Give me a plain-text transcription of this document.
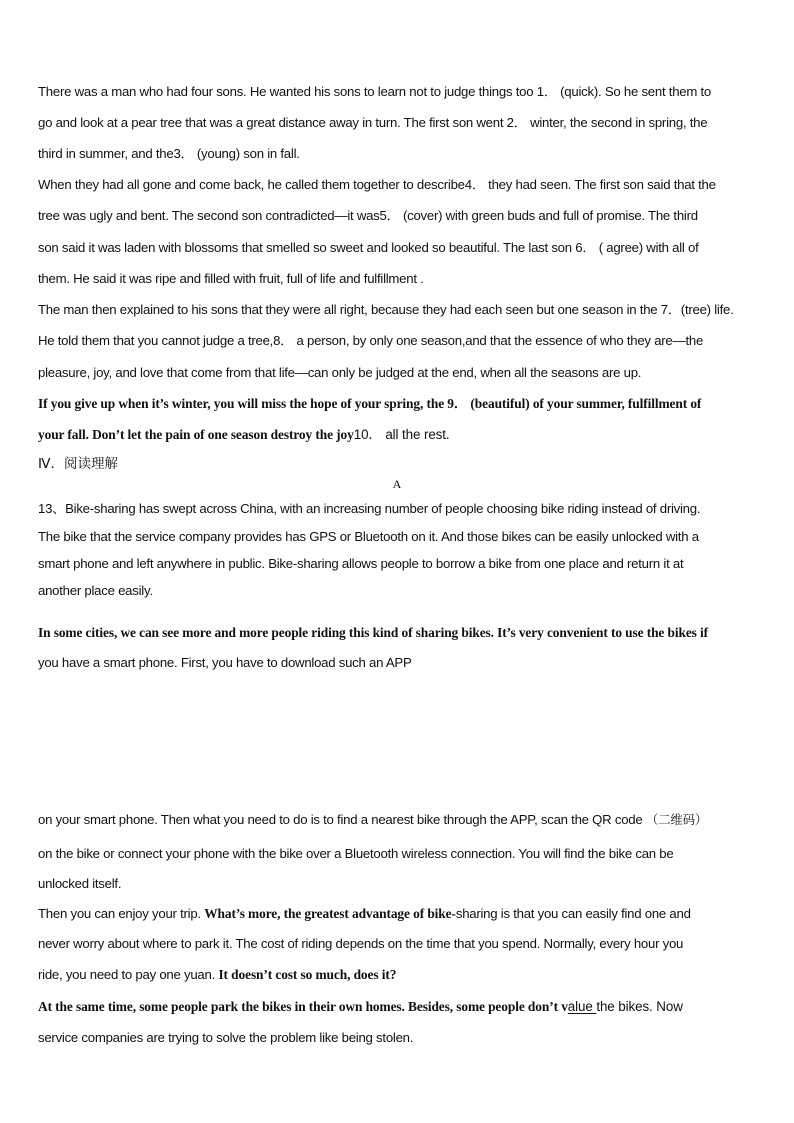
There was a man who had four sons. He wanted his sons to learn not to judge things too 1． (quick). So he sent them to
go and look at a pear tree that was a great distance away in turn. The first son went 2． winter, the second in spring, the
third in summer, and the3． (young) son in fall.
When they had all gone and come back, he called them together to describe4． they had seen. The first son said that the
tree was ugly and bent. The second son contradicted—it was5． (cover) with green buds and full of promise. The third
son said it was laden with blossoms that smelled so sweet and looked so beautiful. The last son 6． ( agree) with all of
them. He said it was ripe and filled with fruit, full of life and fulfillment .
The man then explained to his sons that they were all right, because they had each seen but one season in the 7．(tree) life.
He told them that you cannot judge a tree,8． a person, by only one season,and that the essence of who they are—the
pleasure, joy, and love that come from that life—can only be judged at the end, when all the seasons are up.
If you give up when it’s winter, you will miss the hope of your spring, the 9． (beautiful) of your summer, fulfillment of
your fall. Don’t let the pain of one season destroy the joy10． all the rest.
Ⅳ．阅读理解
A
13、Bike-sharing has swept across China, with an increasing number of people choosing bike riding instead of driving.
The bike that the service company provides has GPS or Bluetooth on it. And those bikes can be easily unlocked with a
smart phone and left anywhere in public. Bike-sharing allows people to borrow a bike from one place and return it at
another place easily.
In some cities, we can see more and more people riding this kind of sharing bikes. It’s very convenient to use the bikes if
you have a smart phone. First, you have to download such an APP
on your smart phone. Then what you need to do is to find a nearest bike through the APP, scan the QR code （二维码）
on the bike or connect your phone with the bike over a Bluetooth wireless connection. You will find the bike can be
unlocked itself.
Then you can enjoy your trip. What’s more, the greatest advantage of bike-sharing is that you can easily find one and
never worry about where to park it. The cost of riding depends on the time that you spend. Normally, every hour you
ride, you need to pay one yuan. It doesn’t cost so much, does it?
At the same time, some people park the bikes in their own homes. Besides, some people don’t value the bikes. Now
service companies are trying to solve the problem like being stolen.
